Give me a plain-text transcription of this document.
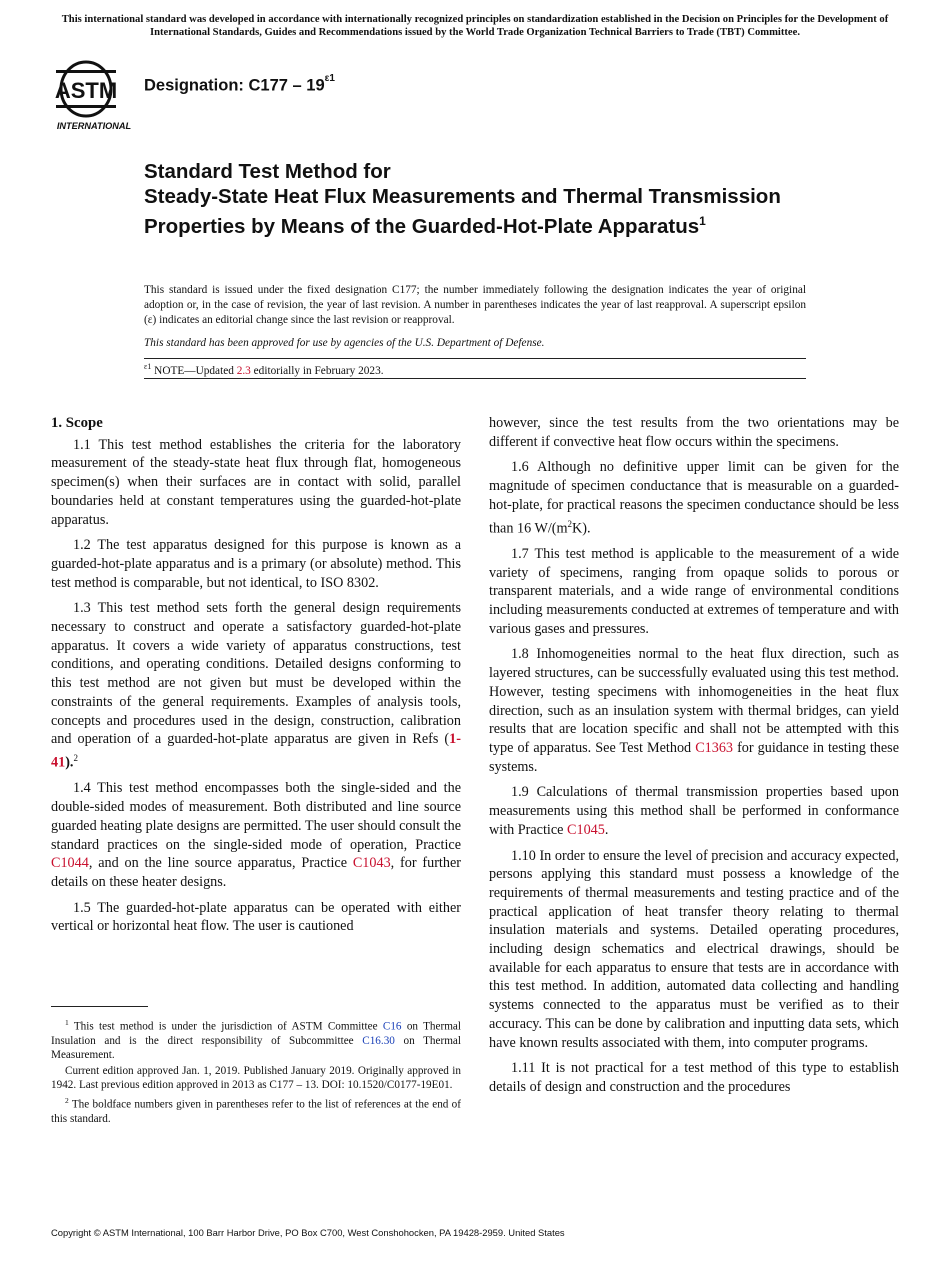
This international standard was developed in accordance with internationally recognized principles on standardization established in the Decision on Principles for the Development of International Standards, Guides and Recommendations issued by the World Trade Organization Technical Barriers to Trade (TBT) Committee.
ASTM
INTERNATIONAL
Designation: $C177 - 19^{\varepsilon 1}$
Standard Test Method for
Steady-State Heat Flux Measurements and Thermal Transmission Properties by Means of the Guarded-Hot-Plate Apparatus$^1$
This standard is issued under the fixed designation C177; the number immediately following the designation indicates the year of original adoption or, in the case of revision, the year of last revision. A number in parentheses indicates the year of last reapproval. A superscript epsilon (ε) indicates an editorial change since the last revision or reapproval.
This standard has been approved for use by agencies of the U.S. Department of Defense.
$^{\varepsilon 1}$ NOTE—Updated 2.3 editorially in February 2023.
1. Scope

1.1 This test method establishes the criteria for the laboratory measurement of the steady-state heat flux through flat, homogeneous specimen(s) when their surfaces are in contact with solid, parallel boundaries held at constant temperatures using the guarded-hot-plate apparatus.

1.2 The test apparatus designed for this purpose is known as a guarded-hot-plate apparatus and is a primary (or absolute) method. This test method is comparable, but not identical, to ISO 8302.

1.3 This test method sets forth the general design requirements necessary to construct and operate a satisfactory guarded-hot-plate apparatus. It covers a wide variety of apparatus constructions, test conditions, and operating conditions. Detailed designs conforming to this test method are not given but must be developed within the constraints of the general requirements. Examples of analysis tools, concepts and procedures used in the design, construction, calibration and operation of a guarded-hot-plate apparatus are given in Refs (1-41).$^2$

1.4 This test method encompasses both the single-sided and the double-sided modes of measurement. Both distributed and line source guarded heating plate designs are permitted. The user should consult the standard practices on the single-sided mode of operation, Practice C1044, and on the line source apparatus, Practice C1043, for further details on these heater designs.

1.5 The guarded-hot-plate apparatus can be operated with either vertical or horizontal heat flow. The user is cautioned

however, since the test results from the two orientations may be different if convective heat flow occurs within the specimens.

1.6 Although no definitive upper limit can be given for the magnitude of specimen conductance that is measurable on a guarded-hot-plate, for practical reasons the specimen conductance should be less than 16 $W/(m^2K)$.

1.7 This test method is applicable to the measurement of a wide variety of specimens, ranging from opaque solids to porous or transparent materials, and a wide range of environmental conditions including measurements conducted at extremes of temperature and with various gases and pressures.

1.8 Inhomogeneities normal to the heat flux direction, such as layered structures, can be successfully evaluated using this test method. However, testing specimens with inhomogeneities in the heat flux direction, such as an insulation system with thermal bridges, can yield results that are location specific and shall not be attempted with this type of apparatus. See Test Method C1363 for guidance in testing these systems.

1.9 Calculations of thermal transmission properties based upon measurements using this method shall be performed in conformance with Practice C1045.

1.10 In order to ensure the level of precision and accuracy expected, persons applying this standard must possess a knowledge of the requirements of thermal measurements and testing practice and of the practical application of heat transfer theory relating to thermal insulation materials and systems. Detailed operating procedures, including design schematics and electrical drawings, should be available for each apparatus to ensure that tests are in accordance with this test method. In addition, automated data collecting and handling systems connected to the apparatus must be verified as to their accuracy. This can be done by calibration and inputting data sets, which have known results associated with them, into computer programs.

1.11 It is not practical for a test method of this type to establish details of design and construction and the procedures

$^1$ This test method is under the jurisdiction of ASTM Committee C16 on Thermal Insulation and is the direct responsibility of Subcommittee C16.30 on Thermal Measurement.

Current edition approved Jan. 1, 2019. Published January 2019. Originally approved in 1942. Last previous edition approved in 2013 as C177 – 13. DOI: 10.1520/C0177-19E01.

$^2$ The boldface numbers given in parentheses refer to the list of references at the end of this standard.

Copyright © ASTM International, 100 Barr Harbor Drive, PO Box C700, West Conshohocken, PA 19428-2959. United States
